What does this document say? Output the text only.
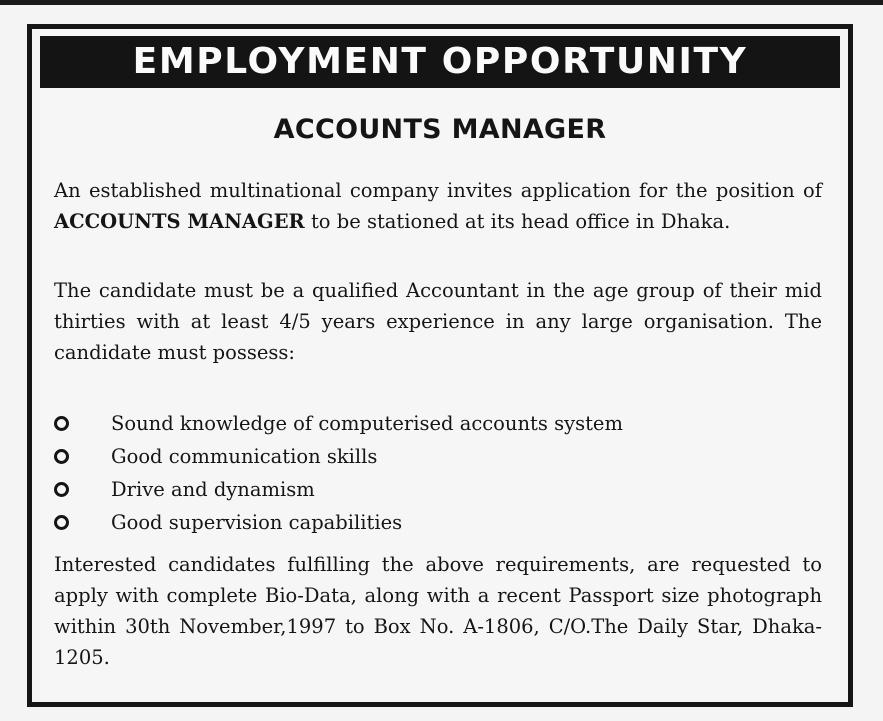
EMPLOYMENT OPPORTUNITY
ACCOUNTS MANAGER

An established multinational company invites application for the position of ACCOUNTS MANAGER to be stationed at its head office in Dhaka.

The candidate must be a qualified Accountant in the age group of their mid thirties with at least 4/5 years experience in any large organisation. The candidate must possess:

Sound knowledge of computerised accounts system
Good communication skills
Drive and dynamism
Good supervision capabilities

Interested candidates fulfilling the above requirements, are requested to apply with complete Bio-Data, along with a recent Passport size photograph within 30th November,1997 to Box No. A-1806, C/O.The Daily Star, Dhaka-1205.
